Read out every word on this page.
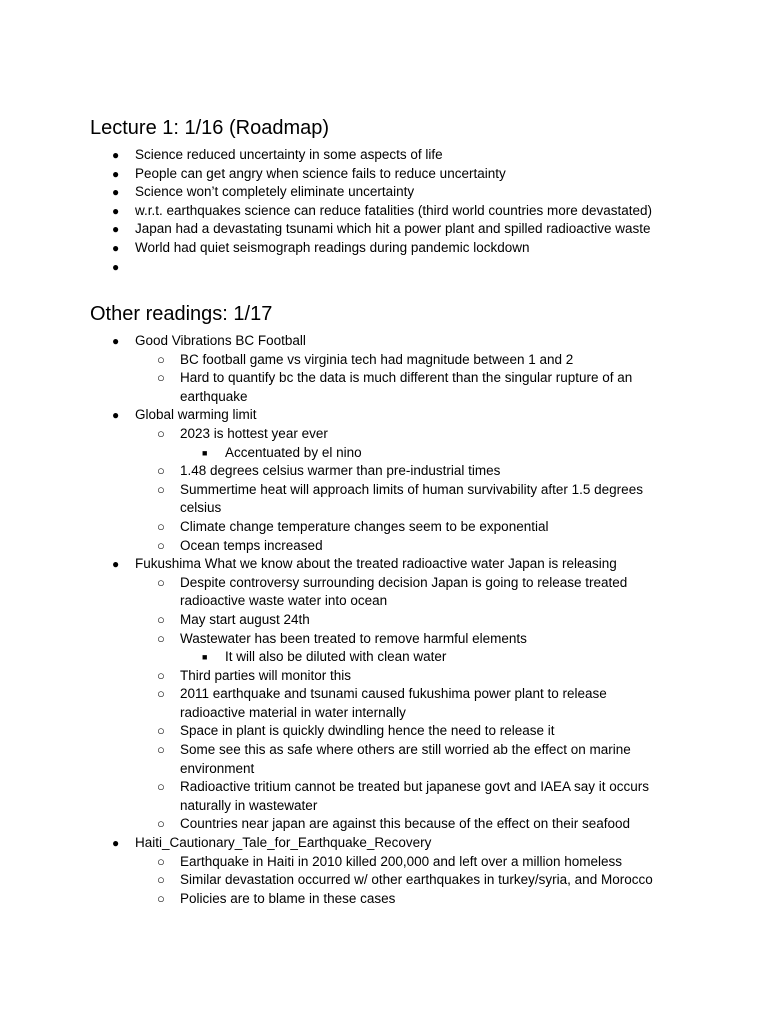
Lecture 1: 1/16 (Roadmap)
● Science reduced uncertainty in some aspects of life
● People can get angry when science fails to reduce uncertainty
● Science won’t completely eliminate uncertainty
● w.r.t. earthquakes science can reduce fatalities (third world countries more devastated)
● Japan had a devastating tsunami which hit a power plant and spilled radioactive waste
● World had quiet seismograph readings during pandemic lockdown
●
Other readings: 1/17
● Good Vibrations BC Football
○ BC football game vs virginia tech had magnitude between 1 and 2
○ Hard to quantify bc the data is much different than the singular rupture of an earthquake
● Global warming limit
○ 2023 is hottest year ever
■ Accentuated by el nino
○ 1.48 degrees celsius warmer than pre-industrial times
○ Summertime heat will approach limits of human survivability after 1.5 degrees celsius
○ Climate change temperature changes seem to be exponential
○ Ocean temps increased
● Fukushima What we know about the treated radioactive water Japan is releasing
○ Despite controversy surrounding decision Japan is going to release treated radioactive waste water into ocean
○ May start august 24th
○ Wastewater has been treated to remove harmful elements
■ It will also be diluted with clean water
○ Third parties will monitor this
○ 2011 earthquake and tsunami caused fukushima power plant to release radioactive material in water internally
○ Space in plant is quickly dwindling hence the need to release it
○ Some see this as safe where others are still worried ab the effect on marine environment
○ Radioactive tritium cannot be treated but japanese govt and IAEA say it occurs naturally in wastewater
○ Countries near japan are against this because of the effect on their seafood
● Haiti_Cautionary_Tale_for_Earthquake_Recovery
○ Earthquake in Haiti in 2010 killed 200,000 and left over a million homeless
○ Similar devastation occurred w/ other earthquakes in turkey/syria, and Morocco
○ Policies are to blame in these cases
